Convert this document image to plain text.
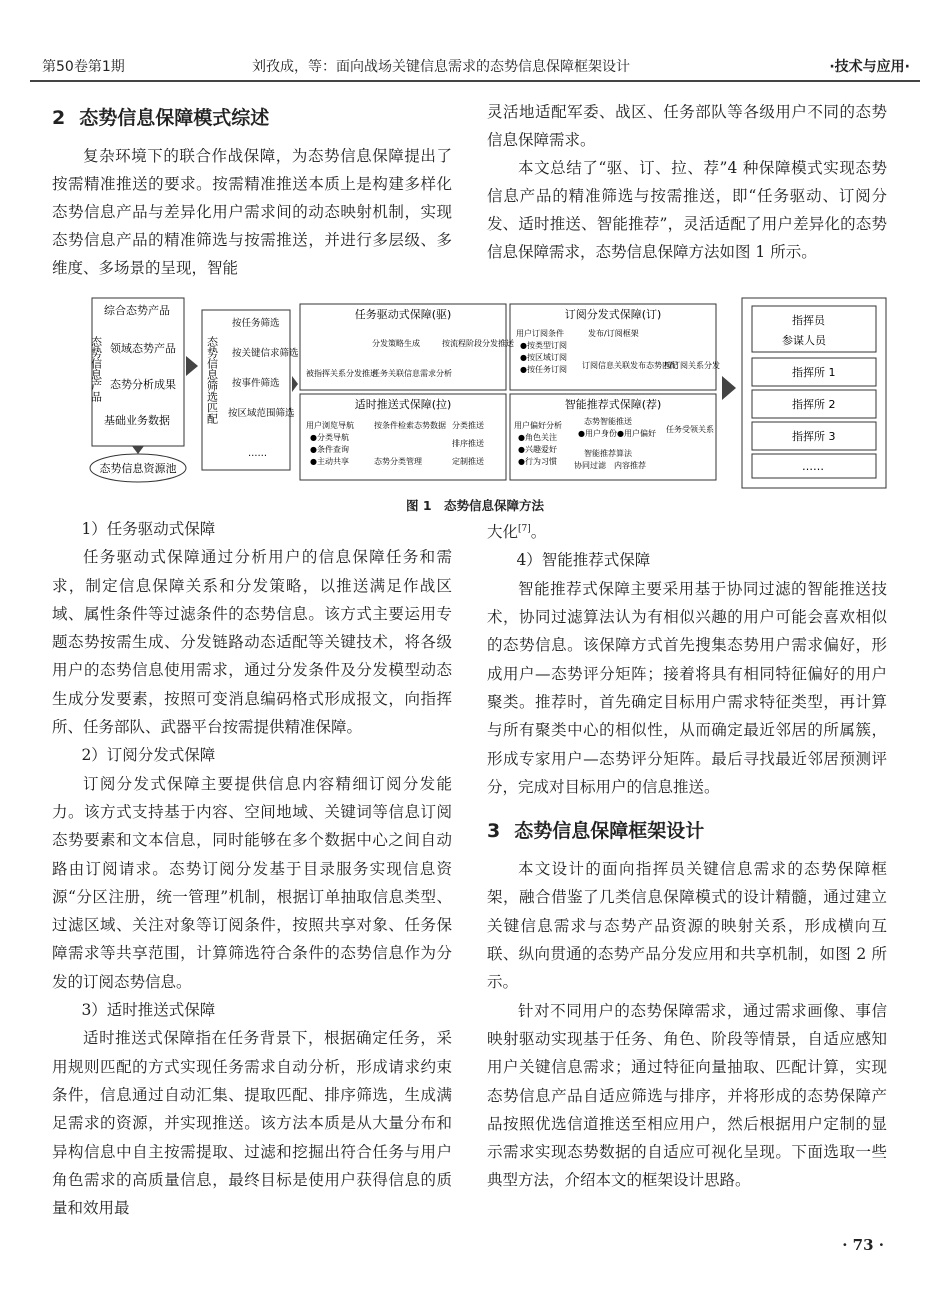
第50卷第1期	刘孜成，等：面向战场关键信息需求的态势信息保障框架设计	·技术与应用·
2 态势信息保障模式综述

复杂环境下的联合作战保障，为态势信息保障提出了按需精准推送的要求。按需精准推送本质上是构建多样化态势信息产品与差异化用户需求间的动态映射机制，实现态势信息产品的精准筛选与按需推送，并进行多层级、多维度、多场景的呈现，智能

灵活地适配军委、战区、任务部队等各级用户不同的态势信息保障需求。

本文总结了“驱、订、拉、荐”4 种保障模式实现态势信息产品的精准筛选与按需推送，即“任务驱动、订阅分发、适时推送、智能推荐”，灵活适配了用户差异化的态势信息保障需求，态势信息保障方法如图 1 所示。

综合态势产品
领域态势产品
态势分析成果
基础业务数据
态势信息产品
态势信息资源池
态势信息筛选匹配
按任务筛选
按关键信求筛选
按事件筛选
按区域范围筛选
……
任务驱动式保障(驱)	订阅分发式保障(订)
适时推送式保障(拉)	智能推荐式保障(荐)
被指挥关系分发推送
分发策略生成
任务关联信息需求分析
按流程阶段分发推送
用户订阅条件
●按类型订阅
●按区域订阅
●按任务订阅
发布/订阅框架
订阅信息关联发布态势匹配
按订阅关系分发
用户浏览导航
●分类导航
●条件查询
●主动共享
按条件检索态势数据
态势分类管理
分类推送
排序推送
定制推送
用户偏好分析
●角色关注
●兴趣爱好
●行为习惯
态势智能推送
●用户身份●用户偏好
智能推荐算法
协同过滤　内容推荐
任务受领关系
指挥员
参谋人员
指挥所 1
指挥所 2
指挥所 3
……
图 1　态势信息保障方法

1）任务驱动式保障

任务驱动式保障通过分析用户的信息保障任务和需求，制定信息保障关系和分发策略，以推送满足作战区域、属性条件等过滤条件的态势信息。该方式主要运用专题态势按需生成、分发链路动态适配等关键技术，将各级用户的态势信息使用需求，通过分发条件及分发模型动态生成分发要素，按照可变消息编码格式形成报文，向指挥所、任务部队、武器平台按需提供精准保障。

2）订阅分发式保障

订阅分发式保障主要提供信息内容精细订阅分发能力。该方式支持基于内容、空间地域、关键词等信息订阅态势要素和文本信息，同时能够在多个数据中心之间自动路由订阅请求。态势订阅分发基于目录服务实现信息资源“分区注册，统一管理”机制，根据订单抽取信息类型、过滤区域、关注对象等订阅条件，按照共享对象、任务保障需求等共享范围，计算筛选符合条件的态势信息作为分发的订阅态势信息。

3）适时推送式保障

适时推送式保障指在任务背景下，根据确定任务，采用规则匹配的方式实现任务需求自动分析，形成请求约束条件，信息通过自动汇集、提取匹配、排序筛选，生成满足需求的资源，并实现推送。该方法本质是从大量分布和异构信息中自主按需提取、过滤和挖掘出符合任务与用户角色需求的高质量信息，最终目标是使用户获得信息的质量和效用最

大化[7]。

4）智能推荐式保障

智能推荐式保障主要采用基于协同过滤的智能推送技术，协同过滤算法认为有相似兴趣的用户可能会喜欢相似的态势信息。该保障方式首先搜集态势用户需求偏好，形成用户—态势评分矩阵；接着将具有相同特征偏好的用户聚类。推荐时，首先确定目标用户需求特征类型，再计算与所有聚类中心的相似性，从而确定最近邻居的所属簇，形成专家用户—态势评分矩阵。最后寻找最近邻居预测评分，完成对目标用户的信息推送。

3 态势信息保障框架设计

本文设计的面向指挥员关键信息需求的态势保障框架，融合借鉴了几类信息保障模式的设计精髓，通过建立关键信息需求与态势产品资源的映射关系，形成横向互联、纵向贯通的态势产品分发应用和共享机制，如图 2 所示。

针对不同用户的态势保障需求，通过需求画像、事信映射驱动实现基于任务、角色、阶段等情景，自适应感知用户关键信息需求；通过特征向量抽取、匹配计算，实现态势信息产品自适应筛选与排序，并将形成的态势保障产品按照优选信道推送至相应用户，然后根据用户定制的显示需求实现态势数据的自适应可视化呈现。下面选取一些典型方法，介绍本文的框架设计思路。

· 73 ·
